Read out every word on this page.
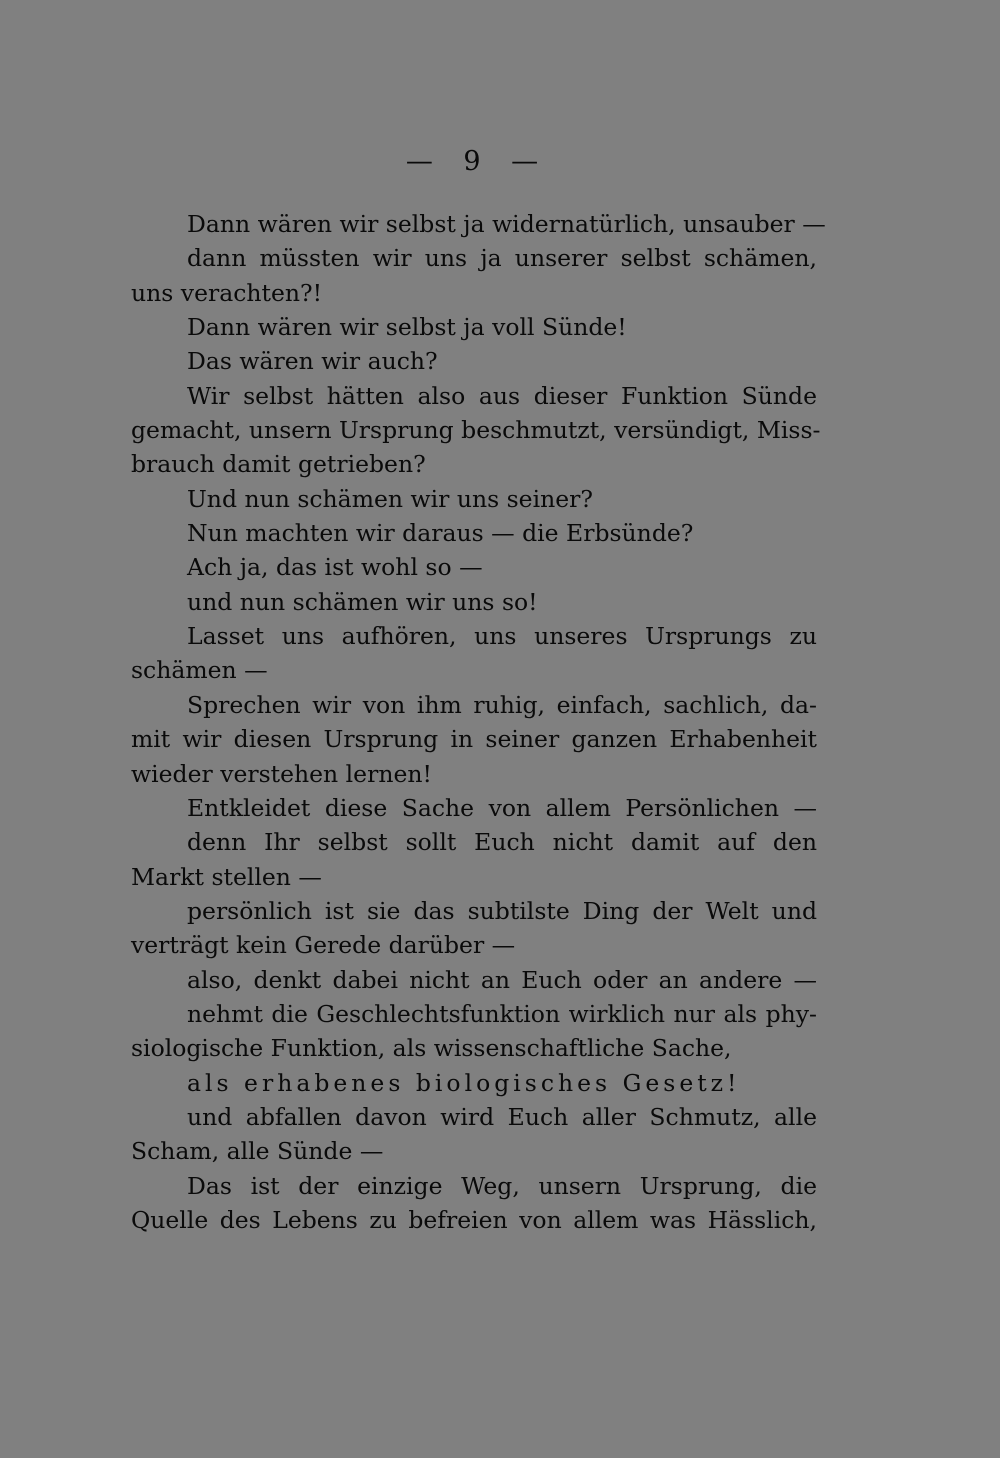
— 9 —
Dann wären wir selbst ja widernatürlich, unsauber —
dann müssten wir uns ja unserer selbst schämen,
uns verachten?!
Dann wären wir selbst ja voll Sünde!
Das wären wir auch?
Wir selbst hätten also aus dieser Funktion Sünde
gemacht, unsern Ursprung beschmutzt, versündigt, Miss-
brauch damit getrieben?
Und nun schämen wir uns seiner?
Nun machten wir daraus — die Erbsünde?
Ach ja, das ist wohl so —
und nun schämen wir uns so!
Lasset uns aufhören, uns unseres Ursprungs zu
schämen —
Sprechen wir von ihm ruhig, einfach, sachlich, da-
mit wir diesen Ursprung in seiner ganzen Erhabenheit
wieder verstehen lernen!
Entkleidet diese Sache von allem Persönlichen —
denn Ihr selbst sollt Euch nicht damit auf den
Markt stellen —
persönlich ist sie das subtilste Ding der Welt und
verträgt kein Gerede darüber —
also, denkt dabei nicht an Euch oder an andere —
nehmt die Geschlechtsfunktion wirklich nur als phy-
siologische Funktion, als wissenschaftliche Sache,
als erhabenes biologisches Gesetz!
und abfallen davon wird Euch aller Schmutz, alle
Scham, alle Sünde —
Das ist der einzige Weg, unsern Ursprung, die
Quelle des Lebens zu befreien von allem was Hässlich,
